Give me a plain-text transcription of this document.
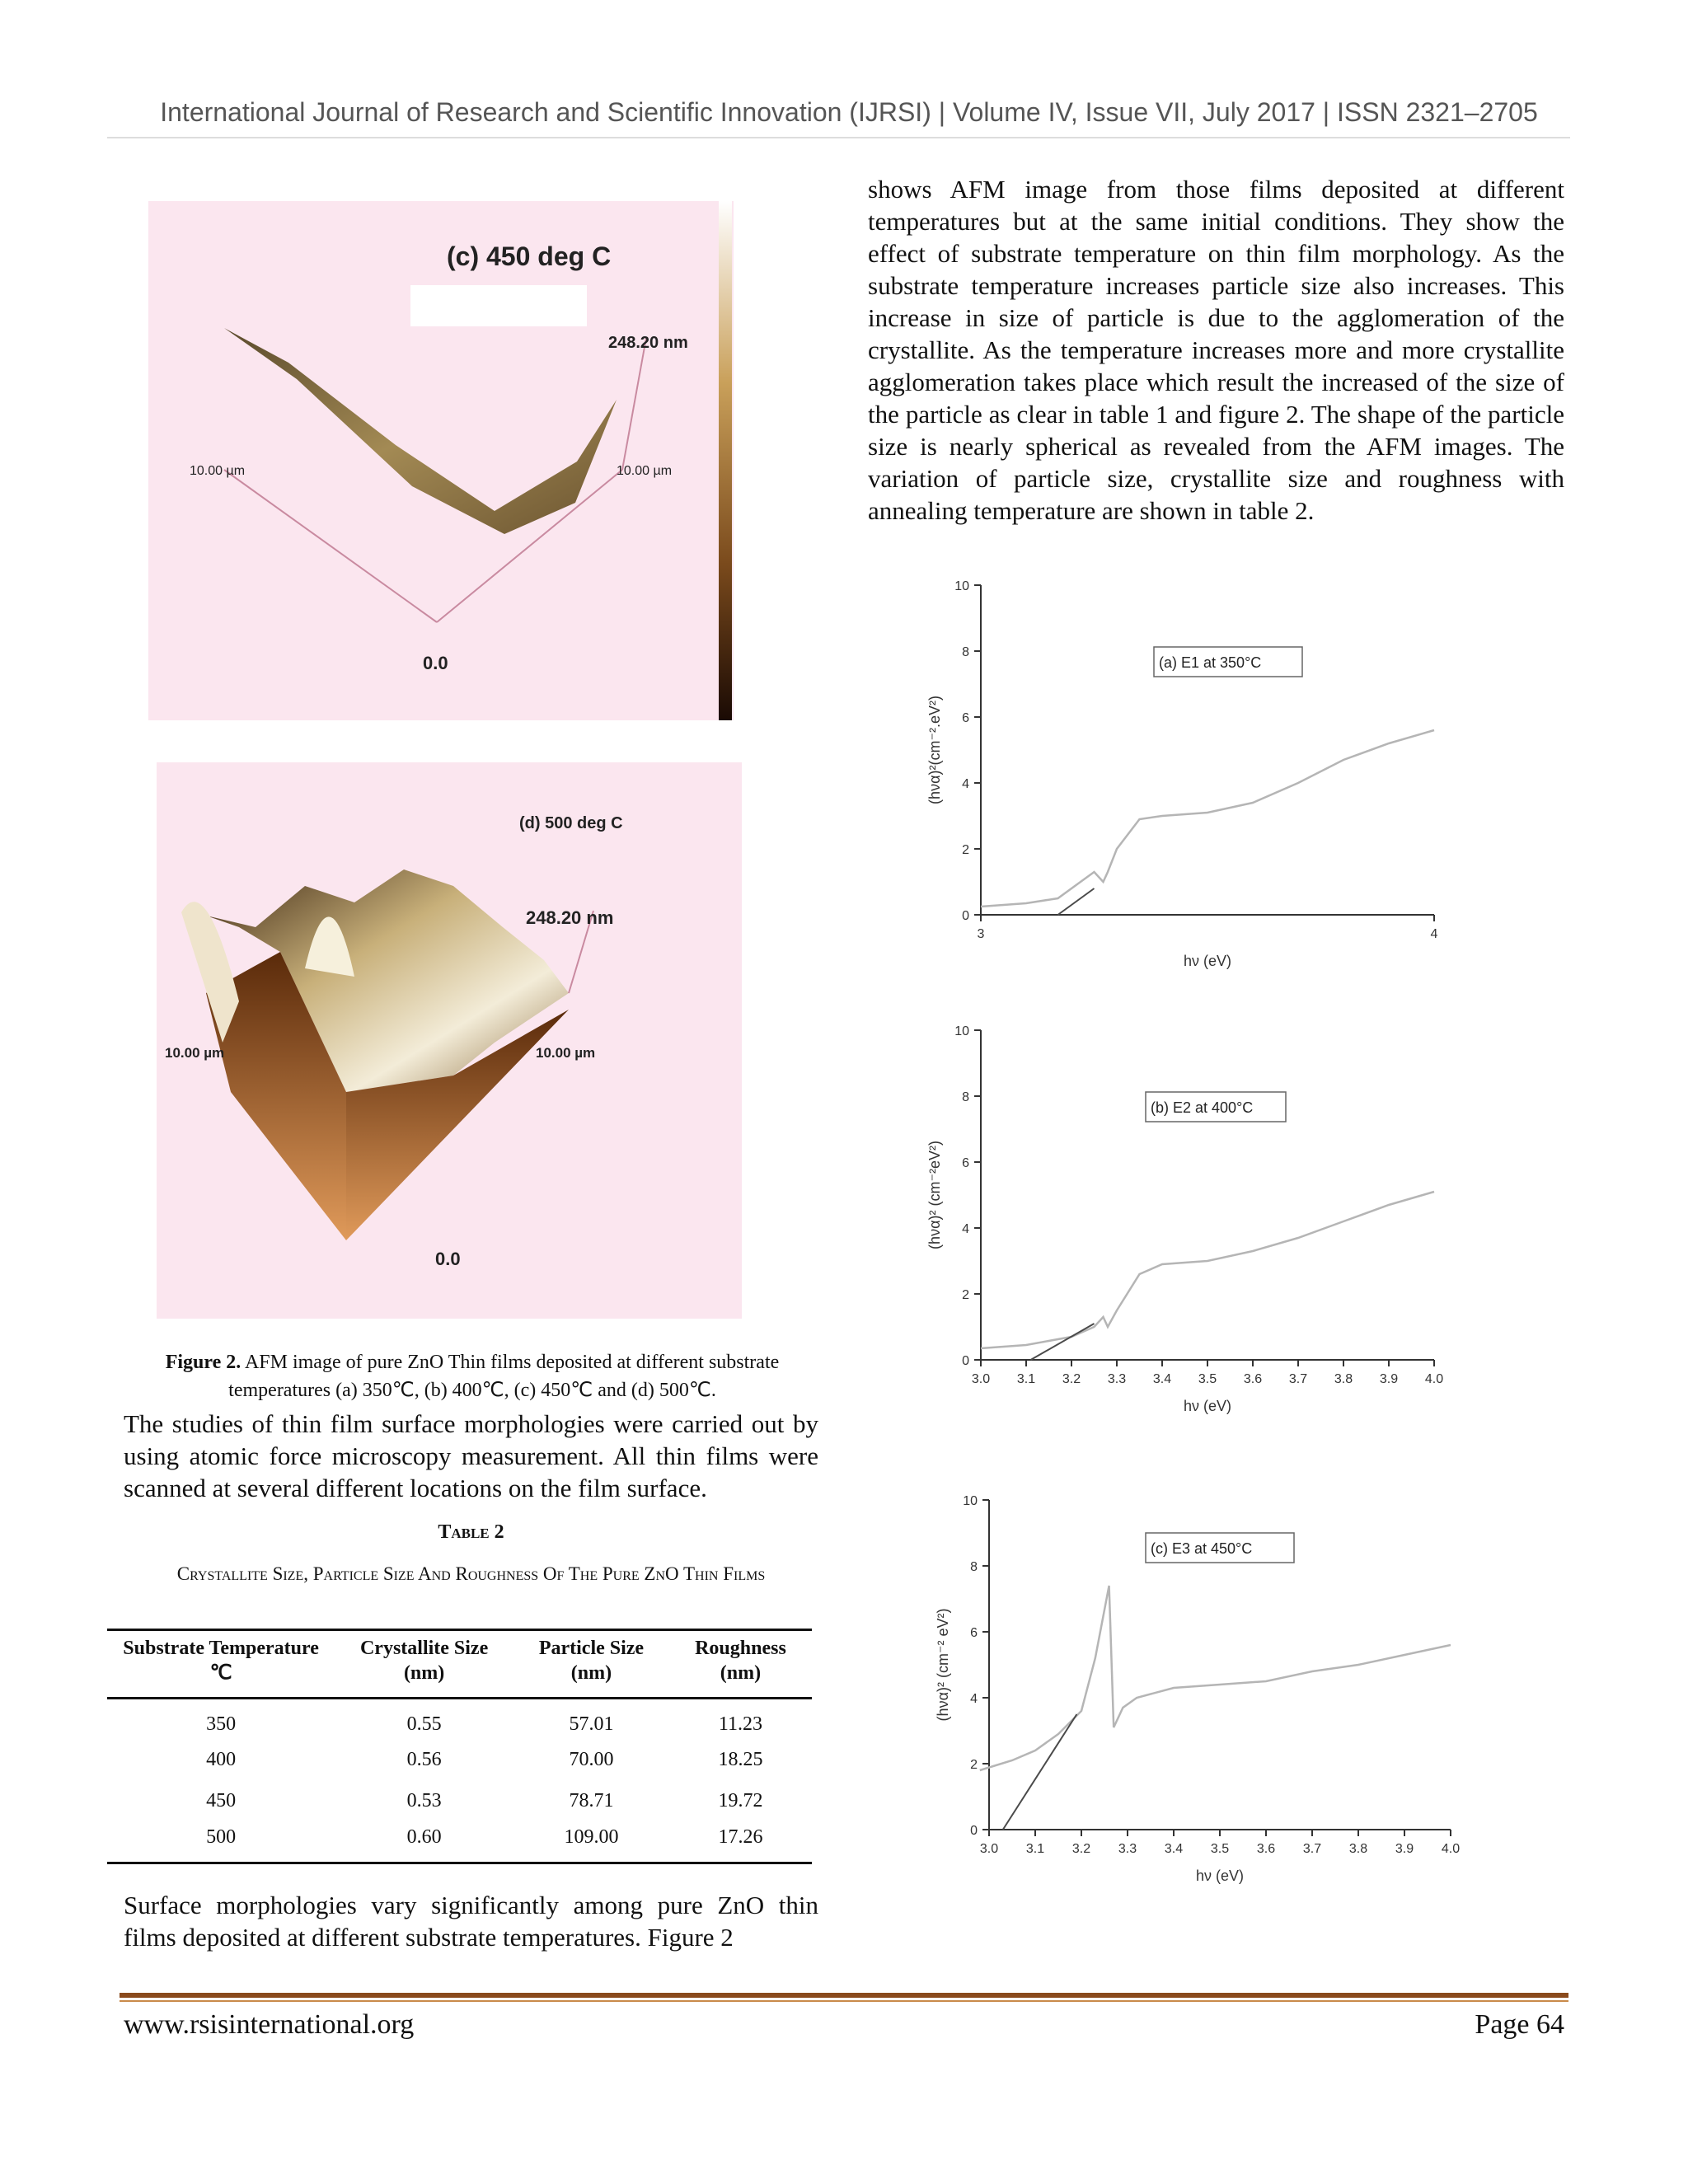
International Journal of Research and Scientific Innovation (IJRSI) | Volume IV, Issue VII, July 2017 | ISSN 2321–2705
(c) 450 deg C
248.20 nm
10.00 µm	10.00 µm
0.0
(d) 500 deg C
248.20 nm
10.00 µm	10.00 µm
0.0
Figure 2. AFM image of pure ZnO Thin films deposited at different substrate temperatures (a) 350℃, (b) 400℃, (c) 450℃ and (d) 500℃.
The studies of thin film surface morphologies were carried out by using atomic force microscopy measurement. All thin films were scanned at several different locations on the film surface.
Table 2
Crystallite Size, Particle Size And Roughness Of The Pure ZnO Thin Films
Substrate Temperature ℃	Crystallite Size (nm)	Particle Size (nm)	Roughness (nm)
350	0.55	57.01	11.23
400	0.56	70.00	18.25
450	0.53	78.71	19.72
500	0.60	109.00	17.26
Surface morphologies vary significantly among pure ZnO thin films deposited at different substrate temperatures. Figure 2
shows AFM image from those films deposited at different temperatures but at the same initial conditions. They show the effect of substrate temperature on thin film morphology. As the substrate temperature increases particle size also increases. This increase in size of particle is due to the agglomeration of the crystallite. As the temperature increases more and more crystallite agglomeration takes place which result the increased of the size of the particle as clear in table 1 and figure 2. The shape of the particle size is nearly spherical as revealed from the AFM images. The variation of particle size, crystallite size and roughness with annealing temperature are shown in table 2.
0
2
4
6
8
10
3	4
hν (eV)
(hνα)²(cm⁻².eV²)
(a) E1 at 350°C
0
2
4
6
8
10
3.0 3.1 3.2 3.3 3.4 3.5 3.6 3.7 3.8 3.9 4.0
hν (eV)
(hνα)² (cm⁻²eV²)
(b) E2 at 400°C
0
2
4
6
8
10
3.0 3.1 3.2 3.3 3.4 3.5 3.6 3.7 3.8 3.9 4.0
hν (eV)
(hνα)² (cm⁻² eV²)
(c) E3 at 450°C
www.rsisinternational.org	Page 64
